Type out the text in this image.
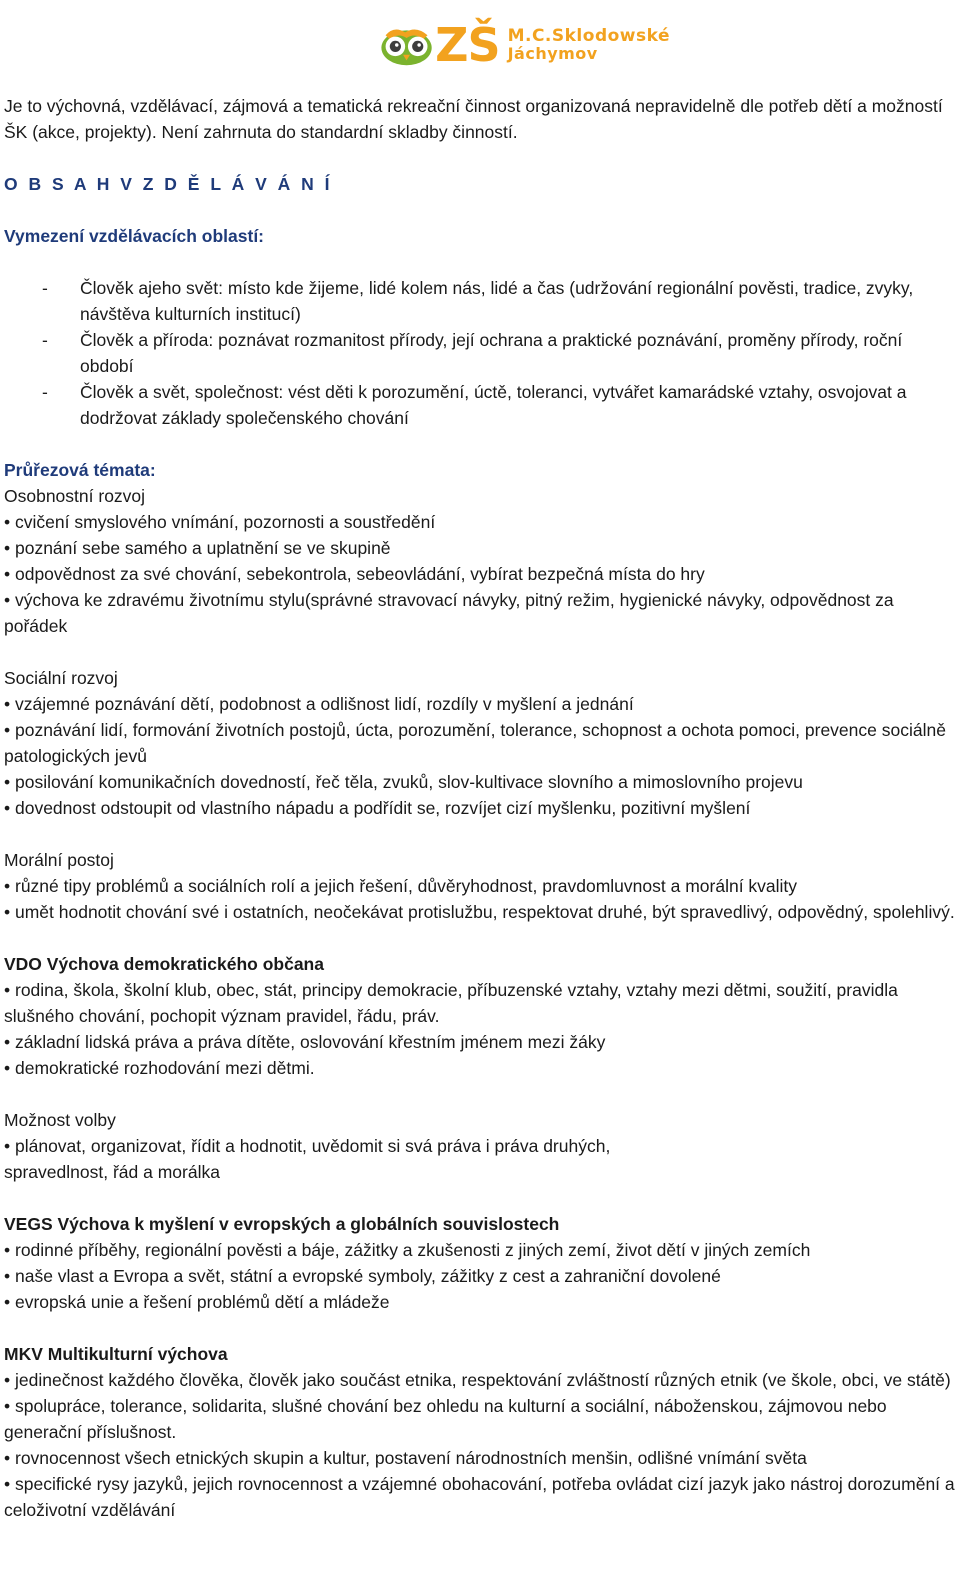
ZŠ M.C.Sklodowské
Jáchymov

Je to výchovná, vzdělávací, zájmová a tematická rekreační činnost organizovaná nepravidelně dle potřeb dětí a možností ŠK (akce, projekty). Není zahrnuta do standardní skladby činností.

O B S A H V Z D Ě L Á V Á N Í

Vymezení vzdělávacích oblastí:

- Člověk ajeho svět: místo kde žijeme, lidé kolem nás, lidé a čas (udržování regionální pověsti, tradice, zvyky, návštěva kulturních institucí)
- Člověk a příroda: poznávat rozmanitost přírody, její ochrana a praktické poznávání, proměny přírody, roční období
- Člověk a svět, společnost: vést děti k porozumění, úctě, toleranci, vytvářet kamarádské vztahy, osvojovat a dodržovat základy společenského chování

Průřezová témata:

Osobnostní rozvoj

• cvičení smyslového vnímání, pozornosti a soustředění
• poznání sebe samého a uplatnění se ve skupině
• odpovědnost za své chování, sebekontrola, sebeovládání, vybírat bezpečná místa do hry
• výchova ke zdravému životnímu stylu(správné stravovací návyky, pitný režim, hygienické návyky, odpovědnost za pořádek

Sociální rozvoj

• vzájemné poznávání dětí, podobnost a odlišnost lidí, rozdíly v myšlení a jednání
• poznávání lidí, formování životních postojů, úcta, porozumění, tolerance, schopnost a ochota pomoci, prevence sociálně patologických jevů
• posilování komunikačních dovedností, řeč těla, zvuků, slov-kultivace slovního a mimoslovního projevu
• dovednost odstoupit od vlastního nápadu a podřídit se, rozvíjet cizí myšlenku, pozitivní myšlení

Morální postoj

• různé tipy problémů a sociálních rolí a jejich řešení, důvěryhodnost, pravdomluvnost a morální kvality
• umět hodnotit chování své i ostatních, neočekávat protislužbu, respektovat druhé, být spravedlivý, odpovědný, spolehlivý.

VDO Výchova demokratického občana

• rodina, škola, školní klub, obec, stát, principy demokracie, příbuzenské vztahy, vztahy mezi dětmi, soužití, pravidla slušného chování, pochopit význam pravidel, řádu, práv.
• základní lidská práva a práva dítěte, oslovování křestním jménem mezi žáky
• demokratické rozhodování mezi dětmi.

Možnost volby

• plánovat, organizovat, řídit a hodnotit, uvědomit si svá práva i práva druhých,
spravedlnost, řád a morálka

VEGS Výchova k myšlení v evropských a globálních souvislostech

• rodinné příběhy, regionální pověsti a báje, zážitky a zkušenosti z jiných zemí, život dětí v jiných zemích
• naše vlast a Evropa a svět, státní a evropské symboly, zážitky z cest a zahraniční dovolené
• evropská unie a řešení problémů dětí a mládeže

MKV Multikulturní výchova

• jedinečnost každého člověka, člověk jako součást etnika, respektování zvláštností různých etnik (ve škole, obci, ve státě)
• spolupráce, tolerance, solidarita, slušné chování bez ohledu na kulturní a sociální, náboženskou, zájmovou nebo generační příslušnost.
• rovnocennost všech etnických skupin a kultur, postavení národnostních menšin, odlišné vnímání světa
• specifické rysy jazyků, jejich rovnocennost a vzájemné obohacování, potřeba ovládat cizí jazyk jako nástroj dorozumění a celoživotní vzdělávání
